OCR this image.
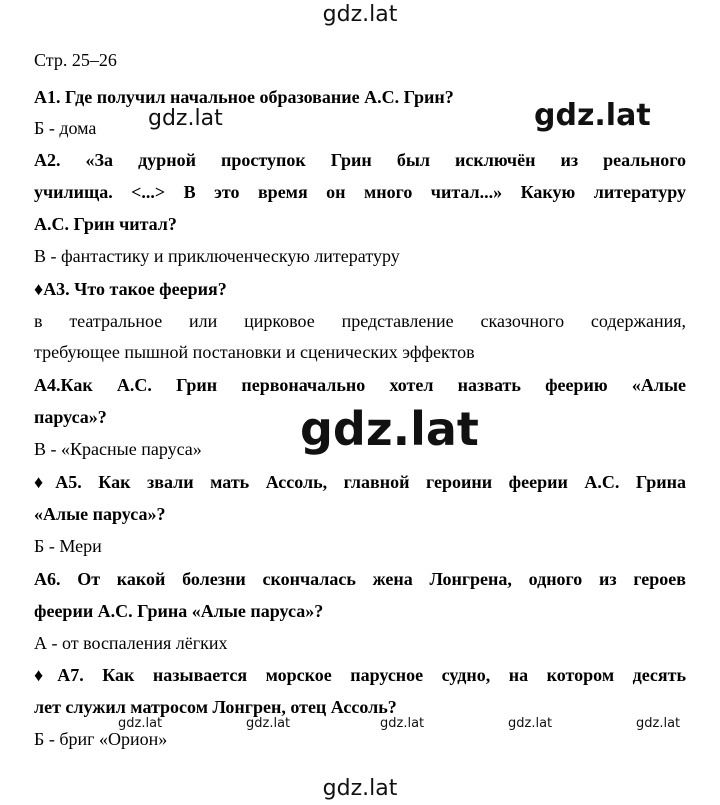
Стр. 25–26
А1. Где получил начальное образование А.С. Грин?
Б - дома
А2. «За дурной проступок Грин был исключён из реального
училища. <...> В это время он много читал...» Какую литературу
А.С. Грин читал?
В - фантастику и приключенческую литературу
♦А3. Что такое феерия?
в театральное или цирковое представление сказочного содержания,
требующее пышной постановки и сценических эффектов
А4.Как А.С. Грин первоначально хотел назвать феерию «Алые
паруса»?
В - «Красные паруса»
♦А5. Как звали мать Ассоль, главной героини феерии А.С. Грина
«Алые паруса»?
Б - Мери
А6. От какой болезни скончалась жена Лонгрена, одного из героев
феерии А.С. Грина «Алые паруса»?
А - от воспаления лёгких
♦А7. Как называется морское парусное судно, на котором десять
лет служил матросом Лонгрен, отец Ассоль?
Б - бриг «Орион»
gdz.lat
gdz.lat	gdz.lat
gdz.lat
gdz.lat	gdz.lat	gdz.lat	gdz.lat	gdz.lat
gdz.lat
